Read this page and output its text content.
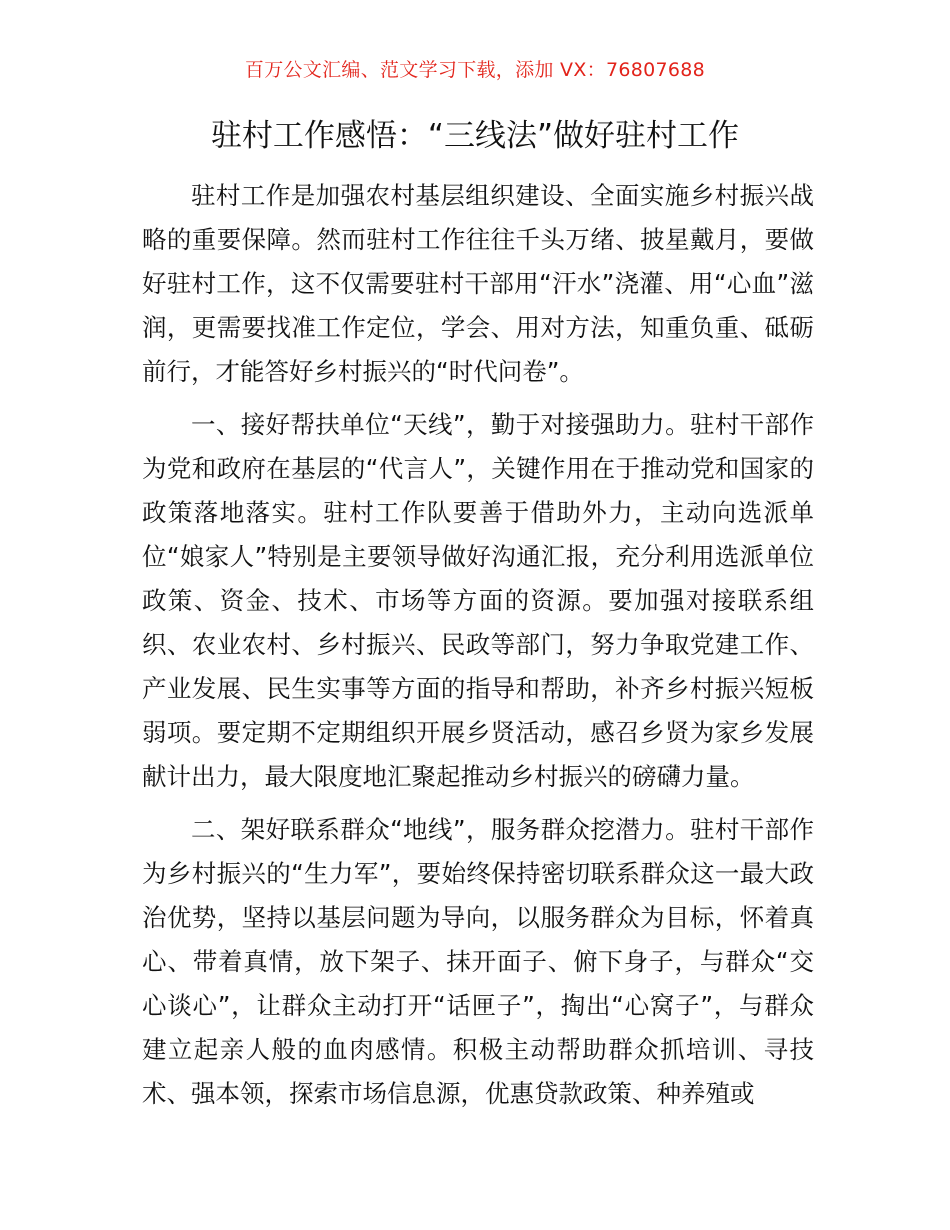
百万公文汇编、范文学习下载，添加 VX：76807688
驻村工作感悟：“三线法”做好驻村工作

驻村工作是加强农村基层组织建设、全面实施乡村振兴战略的重要保障。然而驻村工作往往千头万绪、披星戴月，要做好驻村工作，这不仅需要驻村干部用“汗水”浇灌、用“心血”滋润，更需要找准工作定位，学会、用对方法，知重负重、砥砺前行，才能答好乡村振兴的“时代问卷”。

一、接好帮扶单位“天线”，勤于对接强助力。驻村干部作为党和政府在基层的“代言人”，关键作用在于推动党和国家的政策落地落实。驻村工作队要善于借助外力，主动向选派单位“娘家人”特别是主要领导做好沟通汇报，充分利用选派单位政策、资金、技术、市场等方面的资源。要加强对接联系组织、农业农村、乡村振兴、民政等部门，努力争取党建工作、产业发展、民生实事等方面的指导和帮助，补齐乡村振兴短板弱项。要定期不定期组织开展乡贤活动，感召乡贤为家乡发展献计出力，最大限度地汇聚起推动乡村振兴的磅礴力量。

二、架好联系群众“地线”，服务群众挖潜力。驻村干部作为乡村振兴的“生力军”，要始终保持密切联系群众这一最大政治优势，坚持以基层问题为导向，以服务群众为目标，怀着真心、带着真情，放下架子、抹开面子、俯下身子，与群众“交心谈心”，让群众主动打开“话匣子”，掏出“心窝子”，与群众建立起亲人般的血肉感情。积极主动帮助群众抓培训、寻技术、强本领，探索市场信息源，优惠贷款政策、种养殖或
